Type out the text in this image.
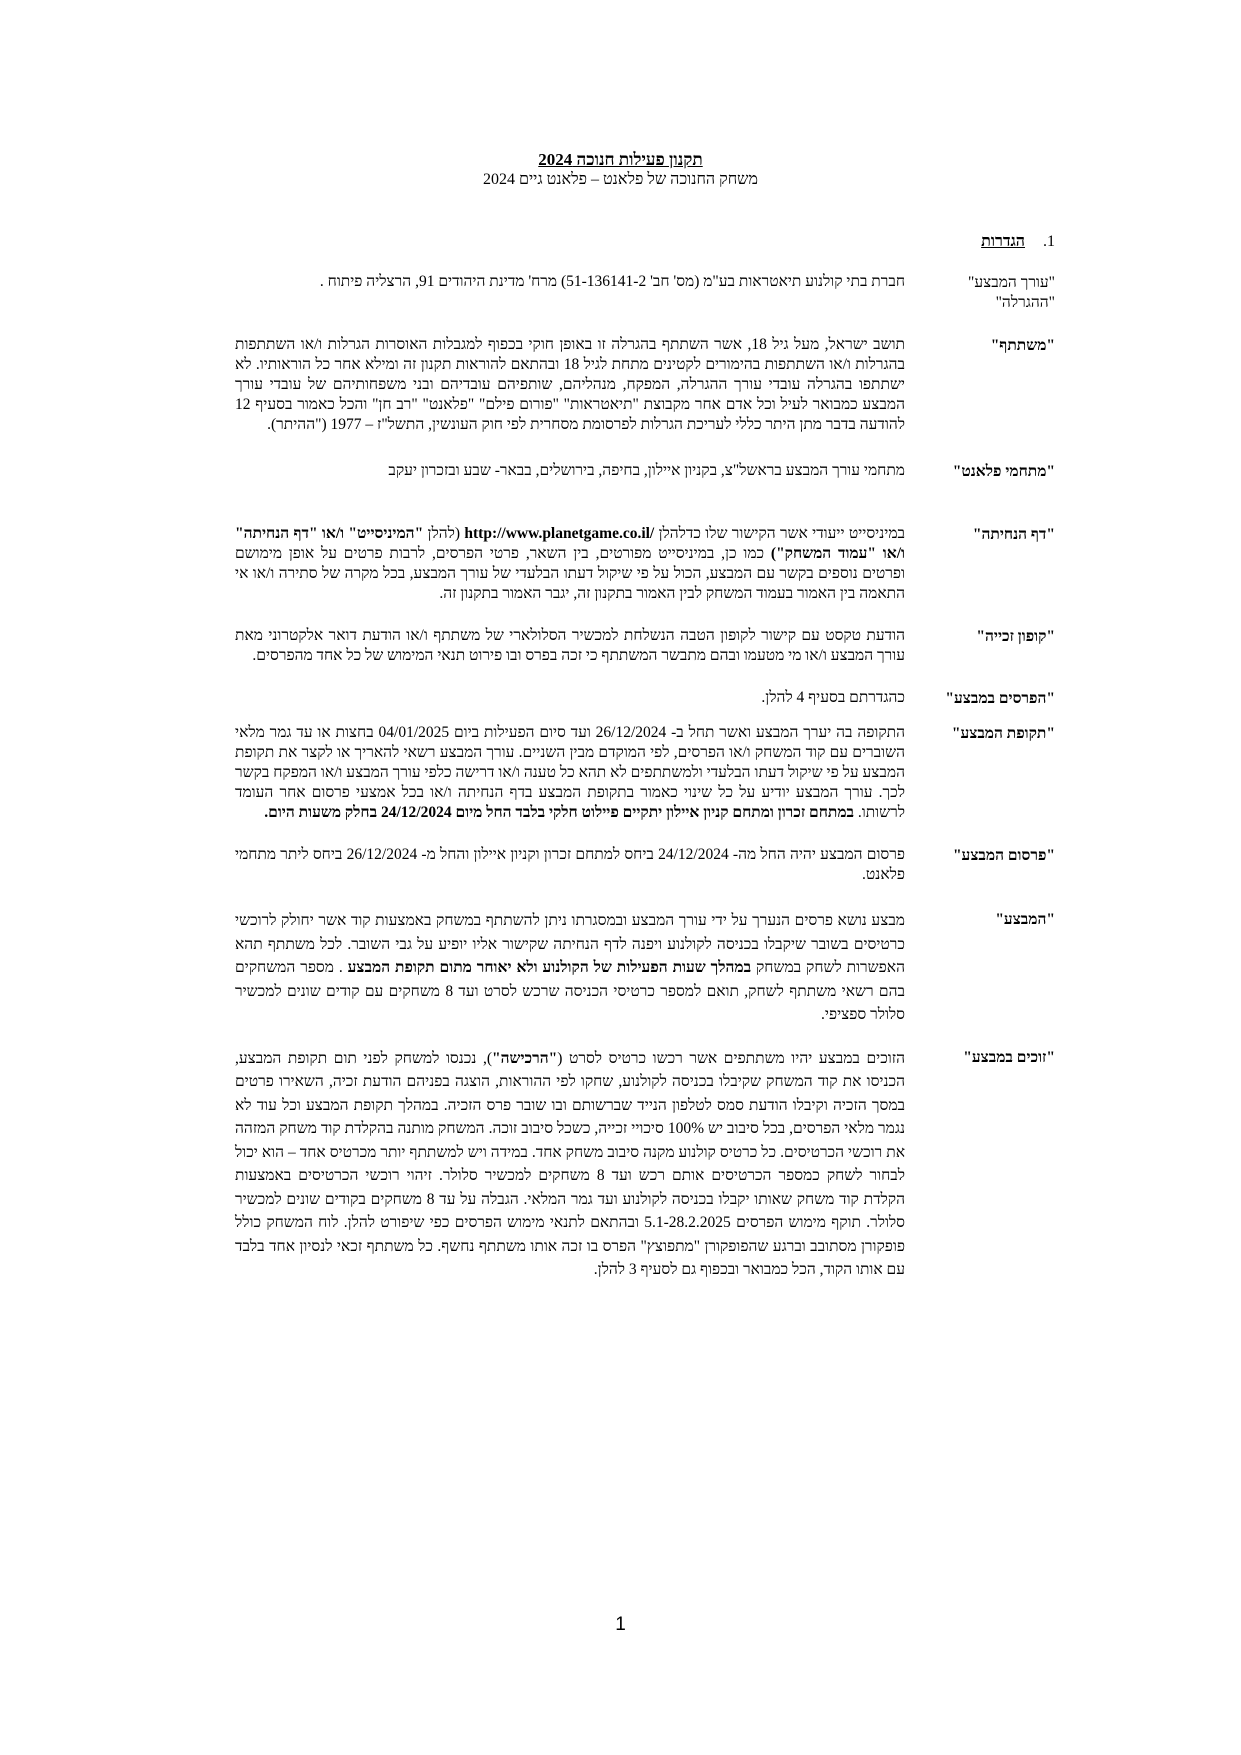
תקנון פעילות חנוכה 2024
משחק החנוכה של פלאנט – פלאנט גיים 2024
1.
הגדרות
"עורך המבצע" "ההגרלה"
חברת בתי קולנוע תיאטראות בע"מ (מס' חב' 51-136141-2) מרח' מדינת היהודים 91, הרצליה פיתוח .
"משתתף"
תושב ישראל, מעל גיל 18, אשר השתתף בהגרלה זו באופן חוקי בכפוף למגבלות האוסרות הגרלות ו/או השתתפות בהגרלות ו/או השתתפות בהימורים לקטינים מתחת לגיל 18 ובהתאם להוראות תקנון זה ומילא אחר כל הוראותיו. לא ישתתפו בהגרלה עובדי עורך ההגרלה, המפקח, מנהליהם, שותפיהם עובדיהם ובני משפחותיהם של עובדי עורך המבצע כמבואר לעיל וכל אדם אחר מקבוצת "תיאטראות" "פורום פילם" "פלאנט" "רב חן" והכל כאמור בסעיף 12 להודעה בדבר מתן היתר כללי לעריכת הגרלות לפרסומת מסחרית לפי חוק העונשין, התשל"ז – 1977 ("ההיתר).
"מתחמי פלאנט"
מתחמי עורך המבצע בראשל"צ, בקניון איילון, בחיפה, בירושלים, בבאר- שבע ובזכרון יעקב
"דף הנחיתה"
במיניסייט ייעודי אשר הקישור שלו כדלהלן http://www.planetgame.co.il/ (להלן "המיניסייט" ו/או "דף הנחיתה" ו/או "עמוד המשחק") כמו כן, במיניסייט מפורטים, בין השאר, פרטי הפרסים, לרבות פרטים על אופן מימושם ופרטים נוספים בקשר עם המבצע, הכול על פי שיקול דעתו הבלעדי של עורך המבצע, בכל מקרה של סתירה ו/או אי התאמה בין האמור בעמוד המשחק לבין האמור בתקנון זה, יגבר האמור בתקנון זה.
"קופון זכייה"
הודעת טקסט עם קישור לקופון הטבה הנשלחת למכשיר הסלולארי של משתתף ו/או הודעת דואר אלקטרוני מאת עורך המבצע ו/או מי מטעמו ובהם מתבשר המשתתף כי זכה בפרס ובו פירוט תנאי המימוש של כל אחד מהפרסים.
"הפרסים במבצע"
כהגדרתם בסעיף 4 להלן.
"תקופת המבצע"
התקופה בה יערך המבצע ואשר תחל ב- 26/12/2024 ועד סיום הפעילות ביום 04/01/2025 בחצות או עד גמר מלאי השוברים עם קוד המשחק ו/או הפרסים, לפי המוקדם מבין השניים. עורך המבצע רשאי להאריך או לקצר את תקופת המבצע על פי שיקול דעתו הבלעדי ולמשתתפים לא תהא כל טענה ו/או דרישה כלפי עורך המבצע ו/או המפקח בקשר לכך. עורך המבצע יודיע על כל שינוי כאמור בתקופת המבצע בדף הנחיתה ו/או בכל אמצעי פרסום אחר העומד לרשותו. במתחם זכרון ומתחם קניון איילון יתקיים פיילוט חלקי בלבד החל מיום 24/12/2024 בחלק משעות היום.
"פרסום המבצע"
פרסום המבצע יהיה החל מה- 24/12/2024 ביחס למתחם זכרון וקניון איילון והחל מ- 26/12/2024 ביחס ליתר מתחמי פלאנט.
"המבצע"
מבצע נושא פרסים הנערך על ידי עורך המבצע ובמסגרתו ניתן להשתתף במשחק באמצעות קוד אשר יחולק לרוכשי כרטיסים בשובר שיקבלו בכניסה לקולנוע ויפנה לדף הנחיתה שקישור אליו יופיע על גבי השובר. לכל משתתף תהא האפשרות לשחק במשחק במהלך שעות הפעילות של הקולנוע ולא יאוחר מתום תקופת המבצע . מספר המשחקים בהם רשאי משתתף לשחק, תואם למספר כרטיסי הכניסה שרכש לסרט ועד 8 משחקים עם קודים שונים למכשיר סלולר ספציפי.
"זוכים במבצע"
הזוכים במבצע יהיו משתתפים אשר רכשו כרטיס לסרט ("הרכישה"), נכנסו למשחק לפני תום תקופת המבצע, הכניסו את קוד המשחק שקיבלו בכניסה לקולנוע, שחקו לפי ההוראות, הוצגה בפניהם הודעת זכיה, השאירו פרטים במסך הזכיה וקיבלו הודעת סמס לטלפון הנייד שברשותם ובו שובר פרס הזכיה. במהלך תקופת המבצע וכל עוד לא נגמר מלאי הפרסים, בכל סיבוב יש 100% סיכויי זכייה, כשכל סיבוב זוכה. המשחק מותנה בהקלדת קוד משחק המזהה את רוכשי הכרטיסים. כל כרטיס קולנוע מקנה סיבוב משחק אחד. במידה ויש למשתתף יותר מכרטיס אחד – הוא יכול לבחור לשחק כמספר הכרטיסים אותם רכש ועד 8 משחקים למכשיר סלולר. זיהוי רוכשי הכרטיסים באמצעות הקלדת קוד משחק שאותו יקבלו בכניסה לקולנוע ועד גמר המלאי. הגבלה על עד 8 משחקים בקודים שונים למכשיר סלולר. תוקף מימוש הפרסים 5.1-28.2.2025 ובהתאם לתנאי מימוש הפרסים כפי שיפורט להלן. לוח המשחק כולל פופקורן מסתובב וברגע שהפופקורן "מתפוצץ" הפרס בו זכה אותו משתתף נחשף. כל משתתף זכאי לנסיון אחד בלבד עם אותו הקוד, הכל כמבואר ובכפוף גם לסעיף 3 להלן.
1
